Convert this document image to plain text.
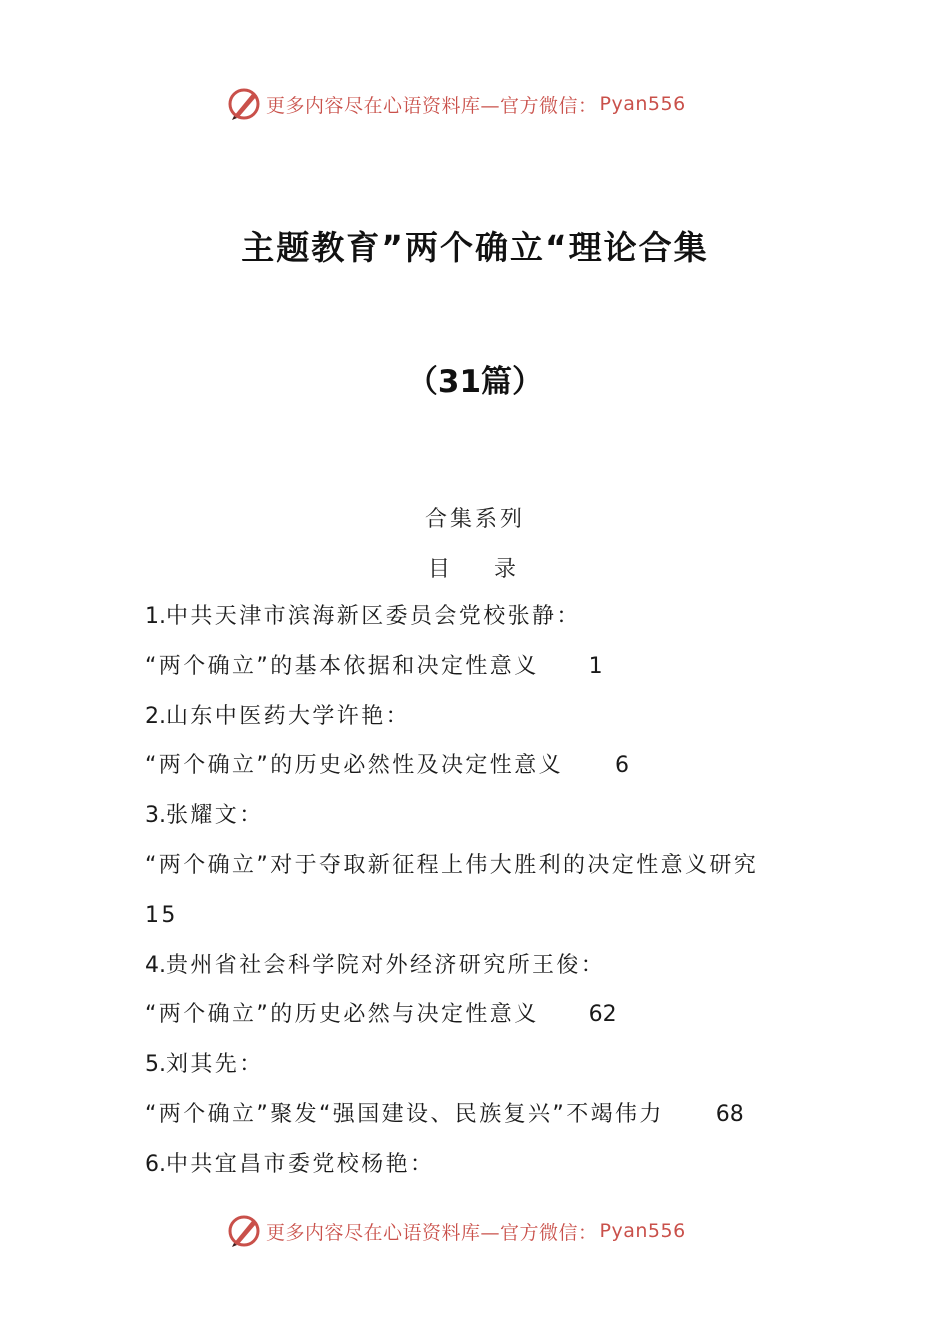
更多内容尽在心语资料库—官方微信： Pyan556
主题教育”两个确立“理论合集
（31篇）
合集系列
目　　录
1.中共天津市滨海新区委员会党校张静：
“两个确立”的基本依据和决定性意义 1
2.山东中医药大学许艳：
“两个确立”的历史必然性及决定性意义 6
3.张耀文：
“两个确立”对于夺取新征程上伟大胜利的决定性意义研究
15
4.贵州省社会科学院对外经济研究所王俊：
“两个确立”的历史必然与决定性意义 62
5.刘其先：
“两个确立”聚发“强国建设、民族复兴”不竭伟力 68
6.中共宜昌市委党校杨艳：
更多内容尽在心语资料库—官方微信： Pyan556
